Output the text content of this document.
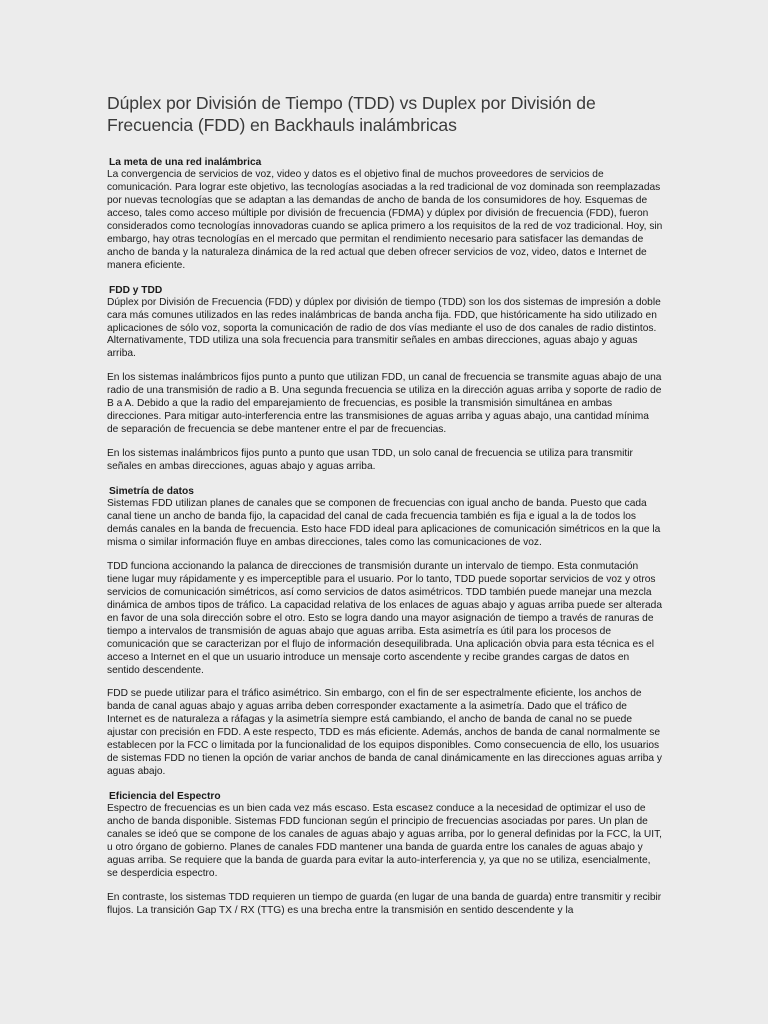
Dúplex por División de Tiempo (TDD) vs Duplex por División de Frecuencia (FDD) en Backhauls inalámbricas

La meta de una red inalámbrica

La convergencia de servicios de voz, video y datos es el objetivo final de muchos proveedores de servicios de comunicación. Para lograr este objetivo, las tecnologías asociadas a la red tradicional de voz dominada son reemplazadas por nuevas tecnologías que se adaptan a las demandas de ancho de banda de los consumidores de hoy. Esquemas de acceso, tales como acceso múltiple por división de frecuencia (FDMA) y dúplex por división de frecuencia (FDD), fueron considerados como tecnologías innovadoras cuando se aplica primero a los requisitos de la red de voz tradicional. Hoy, sin embargo, hay otras tecnologías en el mercado que permitan el rendimiento necesario para satisfacer las demandas de ancho de banda y la naturaleza dinámica de la red actual que deben ofrecer servicios de voz, video, datos e Internet de manera eficiente.

FDD y TDD

Dúplex por División de Frecuencia (FDD) y dúplex por división de tiempo (TDD) son los dos sistemas de impresión a doble cara más comunes utilizados en las redes inalámbricas de banda ancha fija. FDD, que históricamente ha sido utilizado en aplicaciones de sólo voz, soporta la comunicación de radio de dos vías mediante el uso de dos canales de radio distintos. Alternativamente, TDD utiliza una sola frecuencia para transmitir señales en ambas direcciones, aguas abajo y aguas arriba.

En los sistemas inalámbricos fijos punto a punto que utilizan FDD, un canal de frecuencia se transmite aguas abajo de una radio de una transmisión de radio a B. Una segunda frecuencia se utiliza en la dirección aguas arriba y soporte de radio de B a A. Debido a que la radio del emparejamiento de frecuencias, es posible la transmisión simultánea en ambas direcciones. Para mitigar auto-interferencia entre las transmisiones de aguas arriba y aguas abajo, una cantidad mínima de separación de frecuencia se debe mantener entre el par de frecuencias.

En los sistemas inalámbricos fijos punto a punto que usan TDD, un solo canal de frecuencia se utiliza para transmitir señales en ambas direcciones, aguas abajo y aguas arriba.

Simetría de datos

Sistemas FDD utilizan planes de canales que se componen de frecuencias con igual ancho de banda. Puesto que cada canal tiene un ancho de banda fijo, la capacidad del canal de cada frecuencia también es fija e igual a la de todos los demás canales en la banda de frecuencia. Esto hace FDD ideal para aplicaciones de comunicación simétricos en la que la misma o similar información fluye en ambas direcciones, tales como las comunicaciones de voz.

TDD funciona accionando la palanca de direcciones de transmisión durante un intervalo de tiempo. Esta conmutación tiene lugar muy rápidamente y es imperceptible para el usuario. Por lo tanto, TDD puede soportar servicios de voz y otros servicios de comunicación simétricos, así como servicios de datos asimétricos. TDD también puede manejar una mezcla dinámica de ambos tipos de tráfico. La capacidad relativa de los enlaces de aguas abajo y aguas arriba puede ser alterada en favor de una sola dirección sobre el otro. Esto se logra dando una mayor asignación de tiempo a través de ranuras de tiempo a intervalos de transmisión de aguas abajo que aguas arriba. Esta asimetría es útil para los procesos de comunicación que se caracterizan por el flujo de información desequilibrada. Una aplicación obvia para esta técnica es el acceso a Internet en el que un usuario introduce un mensaje corto ascendente y recibe grandes cargas de datos en sentido descendente.

FDD se puede utilizar para el tráfico asimétrico. Sin embargo, con el fin de ser espectralmente eficiente, los anchos de banda de canal aguas abajo y aguas arriba deben corresponder exactamente a la asimetría. Dado que el tráfico de Internet es de naturaleza a ráfagas y la asimetría siempre está cambiando, el ancho de banda de canal no se puede ajustar con precisión en FDD. A este respecto, TDD es más eficiente. Además, anchos de banda de canal normalmente se establecen por la FCC o limitada por la funcionalidad de los equipos disponibles. Como consecuencia de ello, los usuarios de sistemas FDD no tienen la opción de variar anchos de banda de canal dinámicamente en las direcciones aguas arriba y aguas abajo.

Eficiencia del Espectro

Espectro de frecuencias es un bien cada vez más escaso. Esta escasez conduce a la necesidad de optimizar el uso de ancho de banda disponible. Sistemas FDD funcionan según el principio de frecuencias asociadas por pares. Un plan de canales se ideó que se compone de los canales de aguas abajo y aguas arriba, por lo general definidas por la FCC, la UIT, u otro órgano de gobierno. Planes de canales FDD mantener una banda de guarda entre los canales de aguas abajo y aguas arriba. Se requiere que la banda de guarda para evitar la auto-interferencia y, ya que no se utiliza, esencialmente, se desperdicia espectro.

En contraste, los sistemas TDD requieren un tiempo de guarda (en lugar de una banda de guarda) entre transmitir y recibir flujos. La transición Gap TX / RX (TTG) es una brecha entre la transmisión en sentido descendente y la
